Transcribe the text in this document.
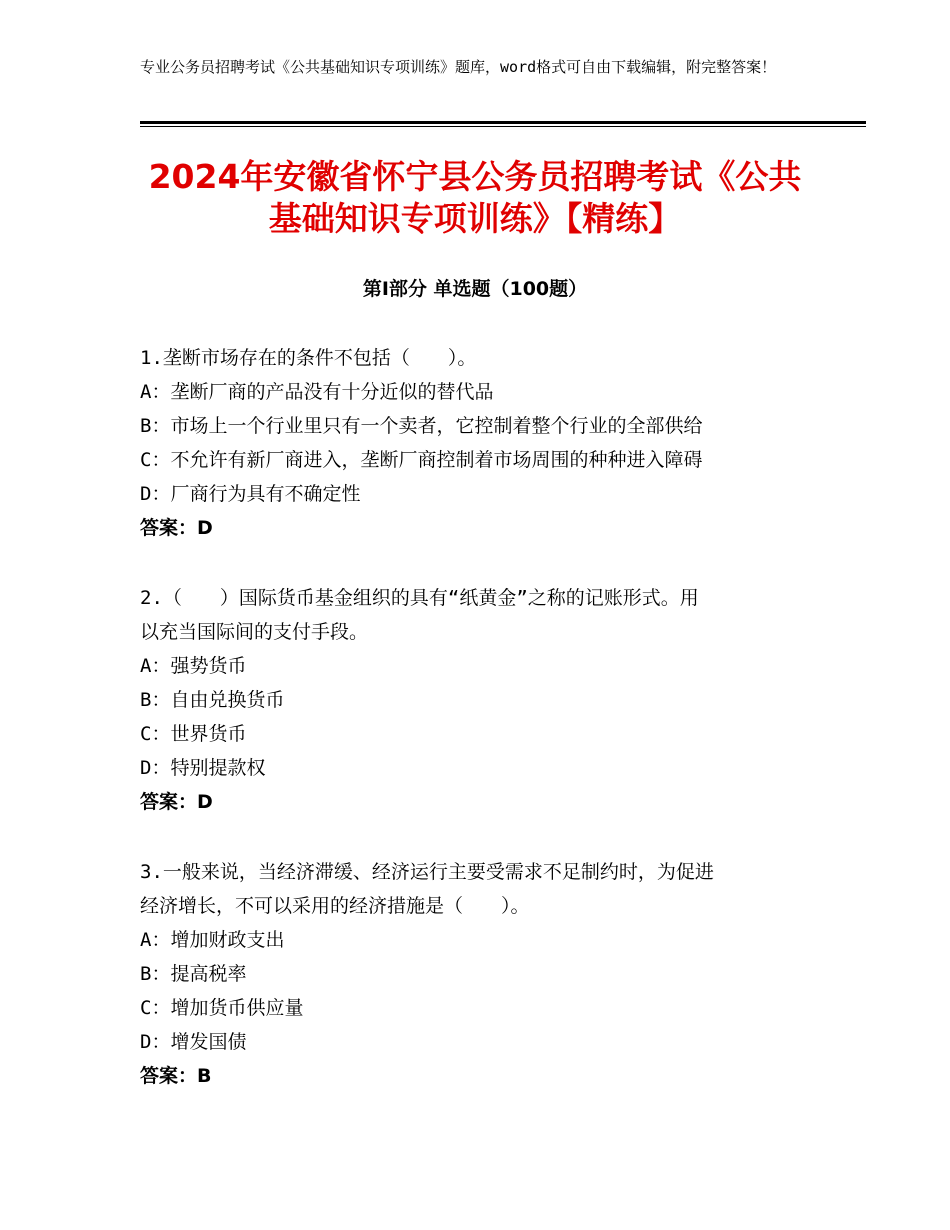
专业公务员招聘考试《公共基础知识专项训练》题库，word格式可自由下载编辑，附完整答案！
2024年安徽省怀宁县公务员招聘考试《公共
基础知识专项训练》【精练】
第Ⅰ部分 单选题（100题）
1.垄断市场存在的条件不包括（　　）。
A：垄断厂商的产品没有十分近似的替代品
B：市场上一个行业里只有一个卖者，它控制着整个行业的全部供给
C：不允许有新厂商进入，垄断厂商控制着市场周围的种种进入障碍
D：厂商行为具有不确定性
答案：D
2.（　　）国际货币基金组织的具有“纸黄金”之称的记账形式。用
以充当国际间的支付手段。
A：强势货币
B：自由兑换货币
C：世界货币
D：特别提款权
答案：D
3.一般来说，当经济滞缓、经济运行主要受需求不足制约时，为促进
经济增长，不可以采用的经济措施是（　　）。
A：增加财政支出
B：提高税率
C：增加货币供应量
D：增发国债
答案：B
